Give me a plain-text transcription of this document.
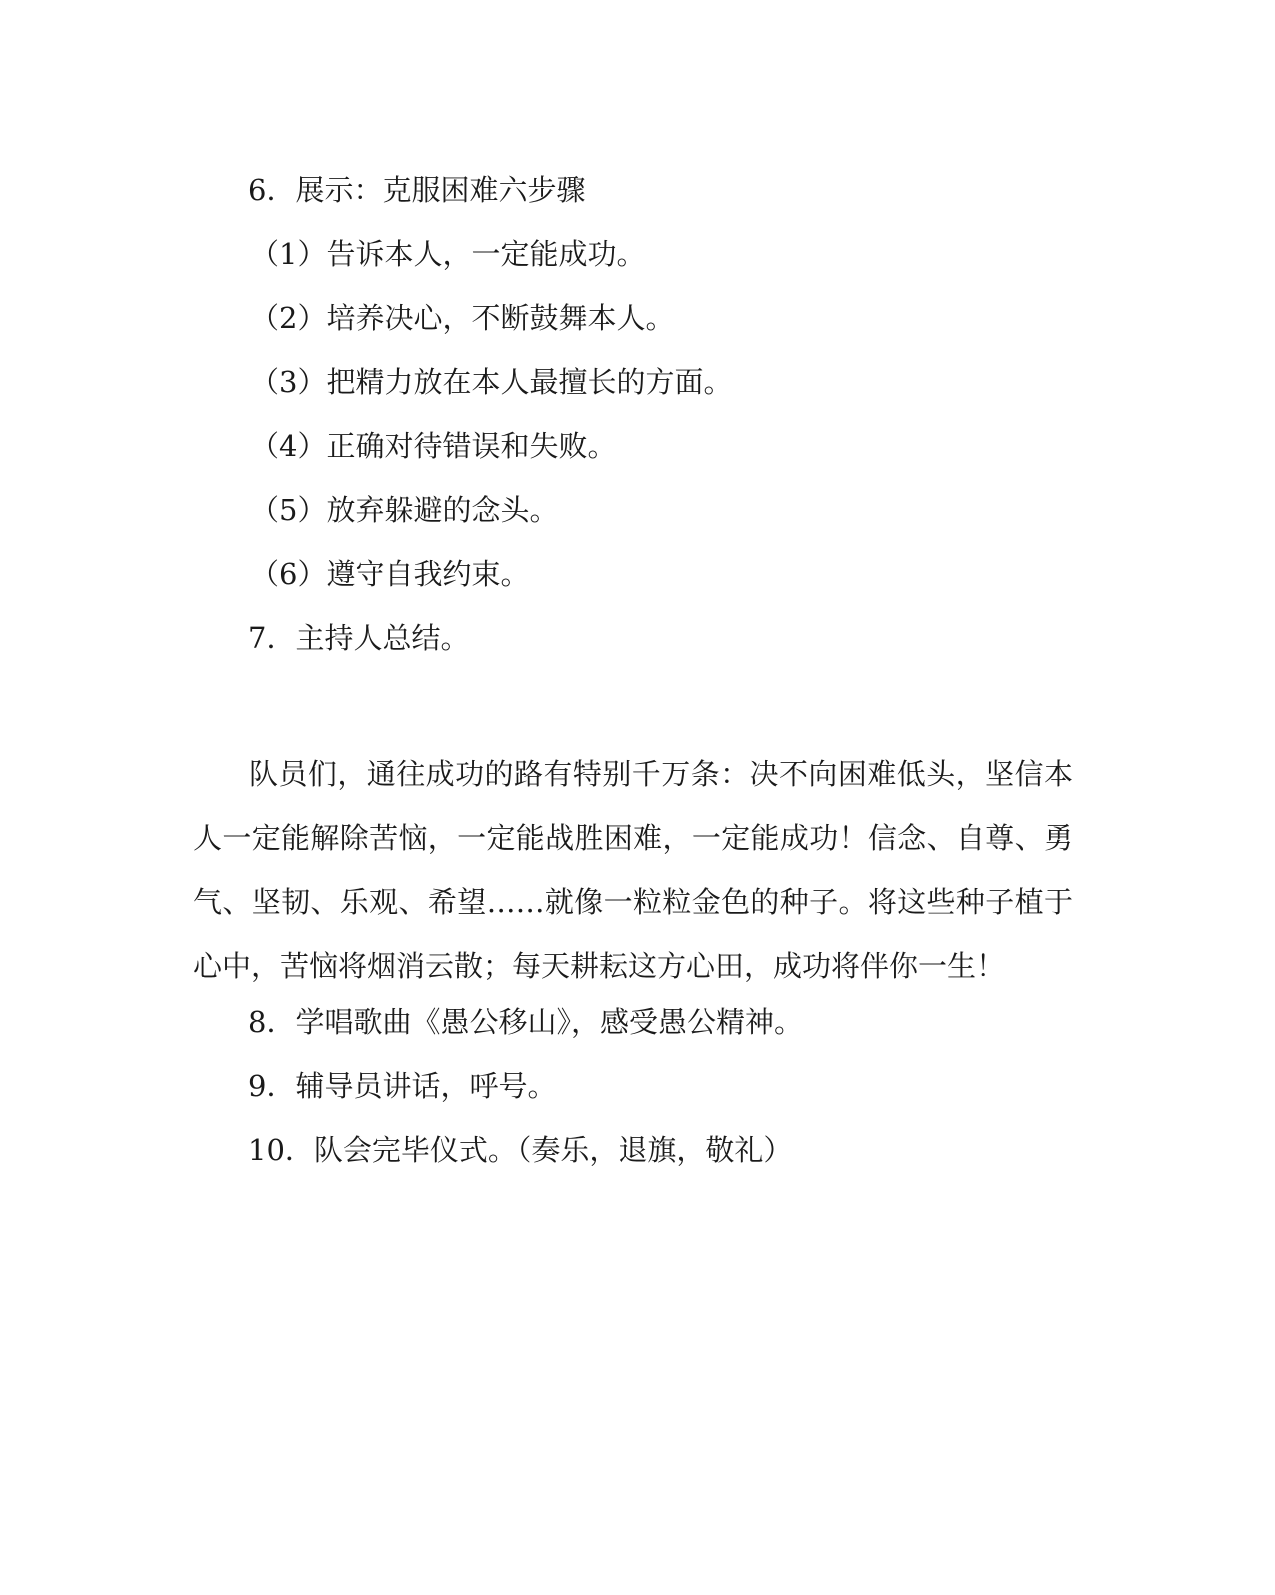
6．展示：克服困难六步骤

（1）告诉本人，一定能成功。

（2）培养决心，不断鼓舞本人。

（3）把精力放在本人最擅长的方面。

（4）正确对待错误和失败。

（5）放弃躲避的念头。

（6）遵守自我约束。

7．主持人总结。

队员们，通往成功的路有特别千万条：决不向困难低头，坚信本人一定能解除苦恼，一定能战胜困难，一定能成功！信念、自尊、勇气、坚韧、乐观、希望……就像一粒粒金色的种子。将这些种子植于心中，苦恼将烟消云散；每天耕耘这方心田，成功将伴你一生！

8．学唱歌曲《愚公移山》，感受愚公精神。

9．辅导员讲话，呼号。

10．队会完毕仪式。（奏乐，退旗，敬礼）
